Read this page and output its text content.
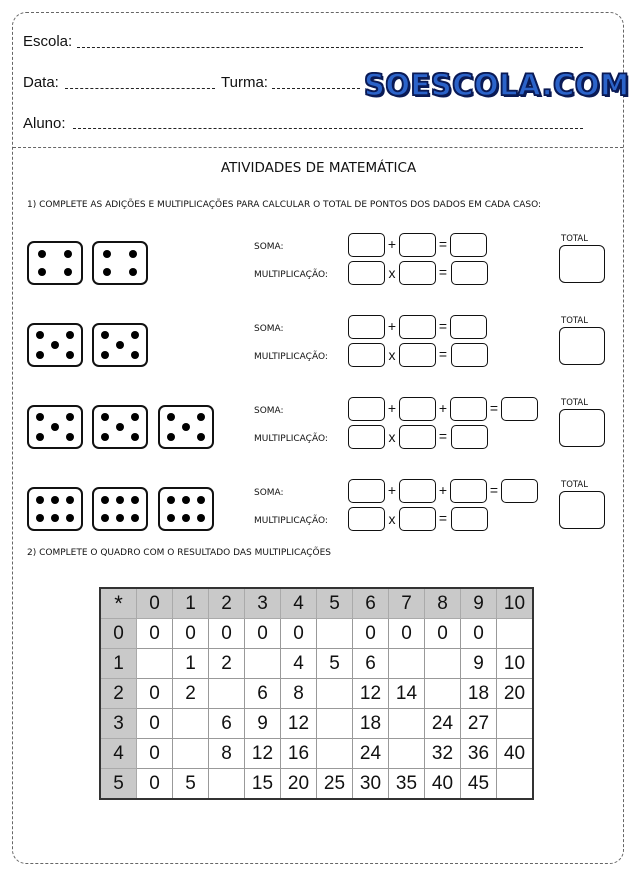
Escola:
Data:	Turma:	SOESCOLA.COM
Aluno:
ATIVIDADES DE MATEMÁTICA
1) COMPLETE AS ADIÇÕES E MULTIPLICAÇÕES PARA CALCULAR O TOTAL DE PONTOS DOS DADOS EM CADA CASO:
SOMA:
MULTIPLICAÇÃO:
+	=
x	=
TOTAL
SOMA:
MULTIPLICAÇÃO:
+	=
x	=
TOTAL
SOMA:
MULTIPLICAÇÃO:
+	+	=
x	=
TOTAL
SOMA:
MULTIPLICAÇÃO:
+	+	=
x	=
TOTAL
2) COMPLETE O QUADRO COM O RESULTADO DAS MULTIPLICAÇÕES
*	0	1	2	3	4	5	6	7	8	9	10
0	0	0	0	0	0		0	0	0	0	
1		1	2		4	5	6			9	10
2	0	2		6	8		12	14		18	20
3	0		6	9	12		18		24	27	
4	0		8	12	16		24		32	36	40
5	0	5		15	20	25	30	35	40	45	
